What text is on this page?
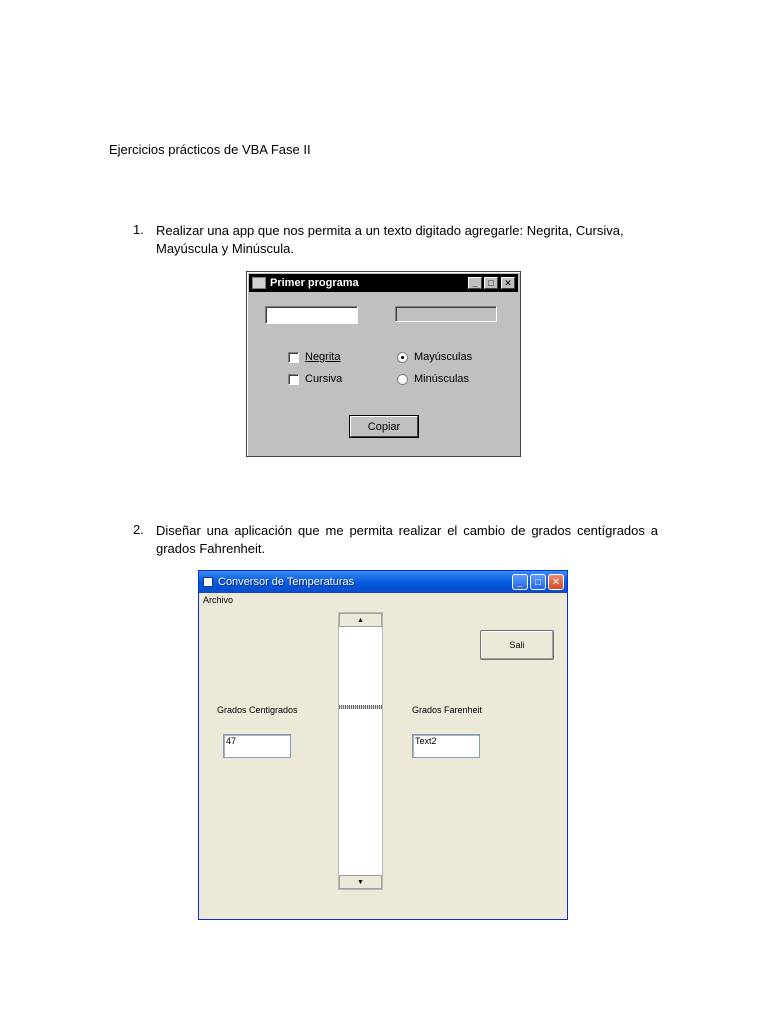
Ejercicios prácticos de VBA Fase II
1. Realizar una app que nos permita a un texto digitado agregarle: Negrita, Cursiva, Mayúscula y Minúscula.
Primer programa	_	□	✕
Negrita
Cursiva
Mayúsculas
Minúsculas
Copiar
2. Diseñar una aplicación que me permita realizar el cambio de grados centígrados a grados Fahrenheit.
Conversor de Temperaturas	_	□	✕
Archivo
▲
▼
Sali
Grados Centigrados
47
Grados Farenheit
Text2
